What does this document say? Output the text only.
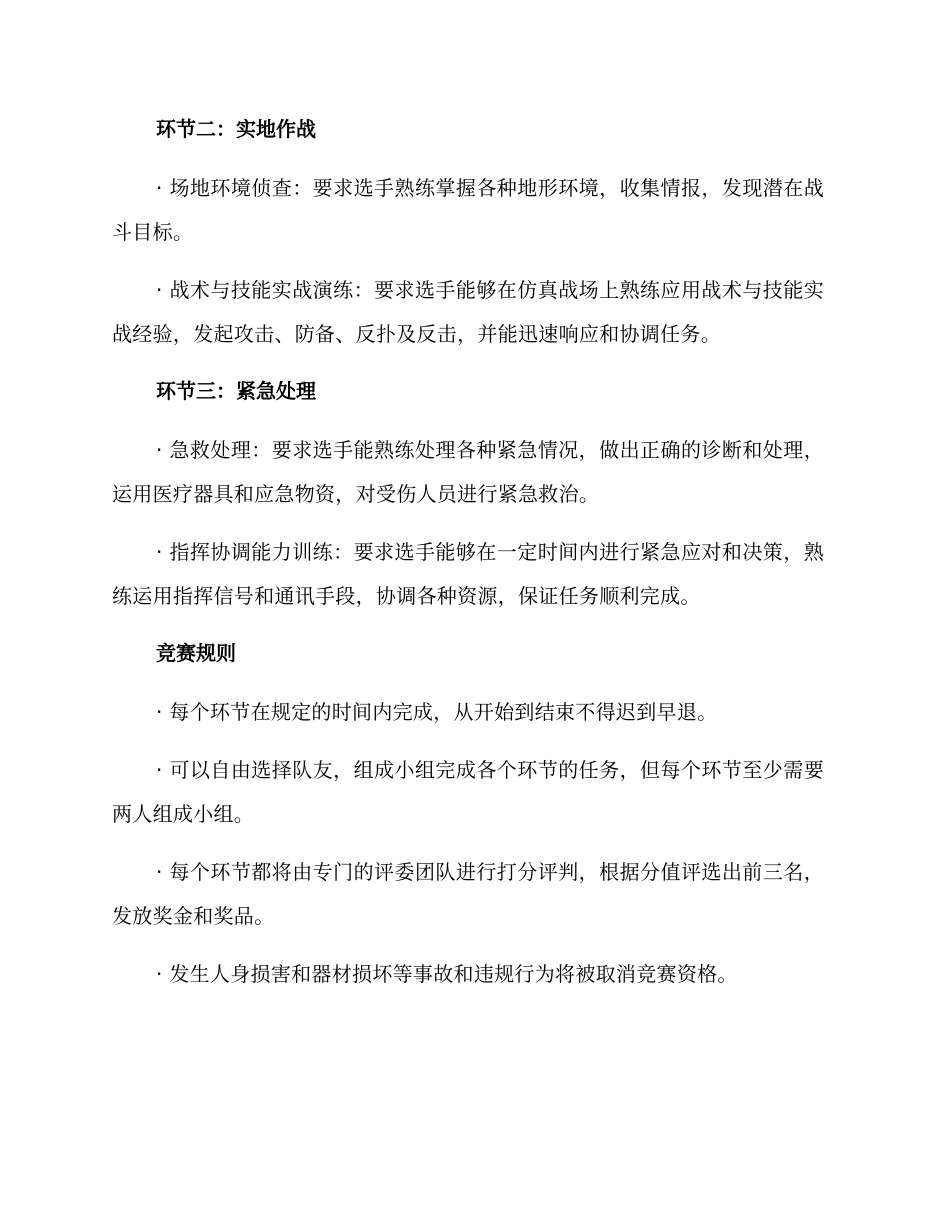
环节二：实地作战

· 场地环境侦查：要求选手熟练掌握各种地形环境，收集情报，发现潜在战斗目标。

· 战术与技能实战演练：要求选手能够在仿真战场上熟练应用战术与技能实战经验，发起攻击、防备、反扑及反击，并能迅速响应和协调任务。

环节三：紧急处理

· 急救处理：要求选手能熟练处理各种紧急情况，做出正确的诊断和处理，运用医疗器具和应急物资，对受伤人员进行紧急救治。

· 指挥协调能力训练：要求选手能够在一定时间内进行紧急应对和决策，熟练运用指挥信号和通讯手段，协调各种资源，保证任务顺利完成。

竞赛规则

· 每个环节在规定的时间内完成，从开始到结束不得迟到早退。

· 可以自由选择队友，组成小组完成各个环节的任务，但每个环节至少需要两人组成小组。

· 每个环节都将由专门的评委团队进行打分评判，根据分值评选出前三名，发放奖金和奖品。

· 发生人身损害和器材损坏等事故和违规行为将被取消竞赛资格。
